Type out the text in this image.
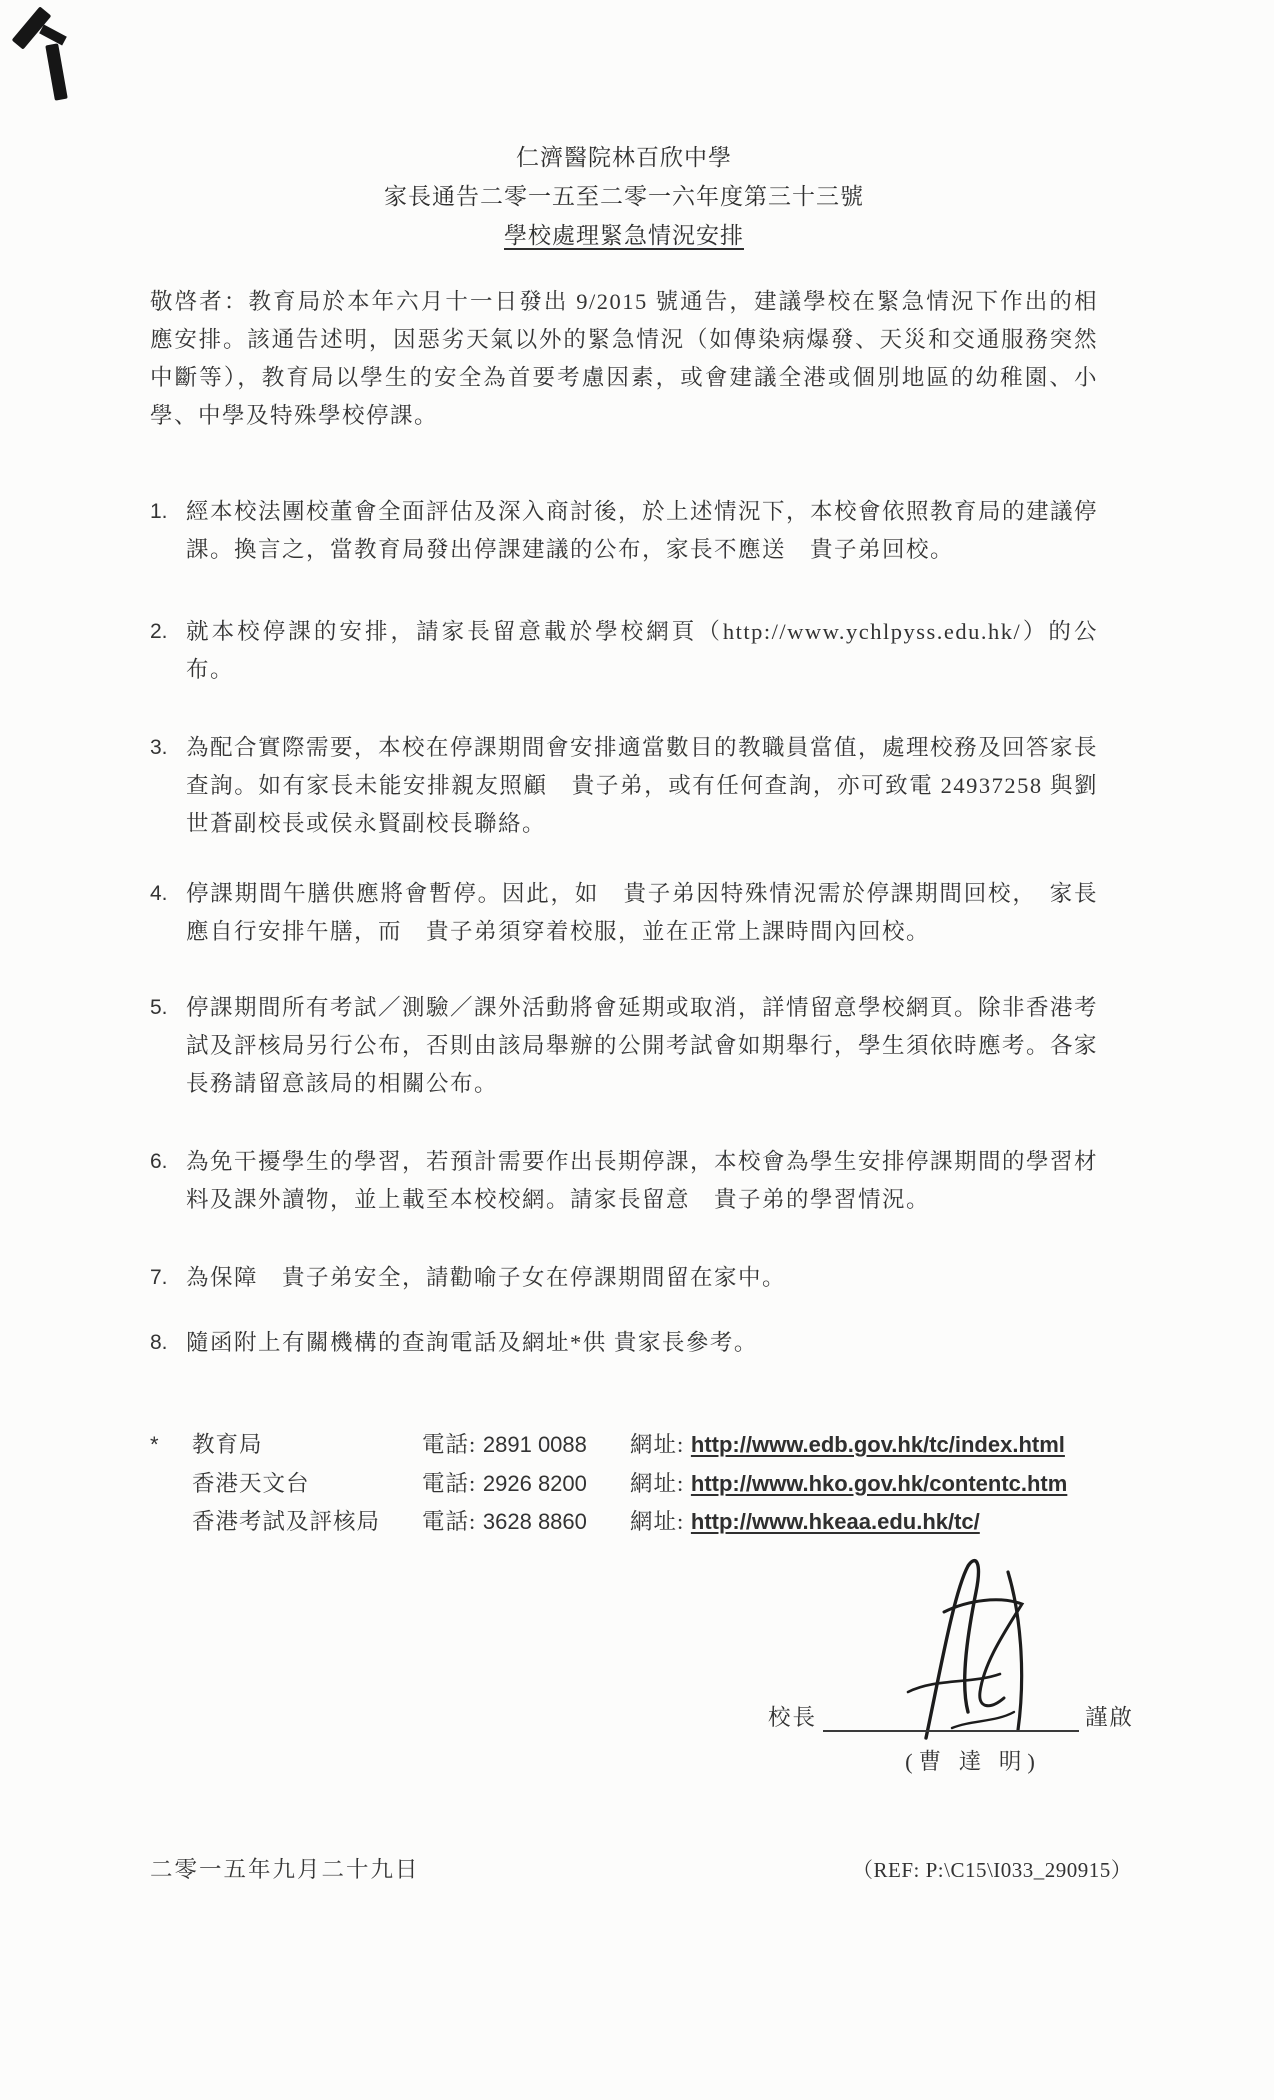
仁濟醫院林百欣中學
家長通告二零一五至二零一六年度第三十三號
學校處理緊急情況安排
敬啓者：教育局於本年六月十一日發出 9/2015 號通告，建議學校在緊急情況下作出的相應安排。該通告述明，因惡劣天氣以外的緊急情況（如傳染病爆發、天災和交通服務突然中斷等），教育局以學生的安全為首要考慮因素，或會建議全港或個別地區的幼稚園、小學、中學及特殊學校停課。
1. 經本校法團校董會全面評估及深入商討後，於上述情況下，本校會依照教育局的建議停課。換言之，當教育局發出停課建議的公布，家長不應送　貴子弟回校。
2. 就本校停課的安排，請家長留意載於學校網頁（http://www.ychlpyss.edu.hk/）的公布。
3. 為配合實際需要，本校在停課期間會安排適當數目的教職員當值，處理校務及回答家長查詢。如有家長未能安排親友照顧　貴子弟，或有任何查詢，亦可致電 24937258 與劉世蒼副校長或侯永賢副校長聯絡。
4. 停課期間午膳供應將會暫停。因此，如　貴子弟因特殊情況需於停課期間回校，　家長應自行安排午膳，而　貴子弟須穿着校服，並在正常上課時間內回校。
5. 停課期間所有考試／測驗／課外活動將會延期或取消，詳情留意學校網頁。除非香港考試及評核局另行公布，否則由該局舉辦的公開考試會如期舉行，學生須依時應考。各家長務請留意該局的相關公布。
6. 為免干擾學生的學習，若預計需要作出長期停課，本校會為學生安排停課期間的學習材料及課外讀物，並上載至本校校網。請家長留意　貴子弟的學習情況。
7. 為保障　貴子弟安全，請勸喻子女在停課期間留在家中。
8. 隨函附上有關機構的查詢電話及網址*供 貴家長參考。
*	教育局	電話: 2891 0088	網址: http://www.edb.gov.hk/tc/index.html
香港天文台	電話: 2926 8200	網址: http://www.hko.gov.hk/contentc.htm
香港考試及評核局	電話: 3628 8860	網址: http://www.hkeaa.edu.hk/tc/
校長	謹啟
(曹 達 明)
二零一五年九月二十九日	（REF: P:\C15\I033_290915）
